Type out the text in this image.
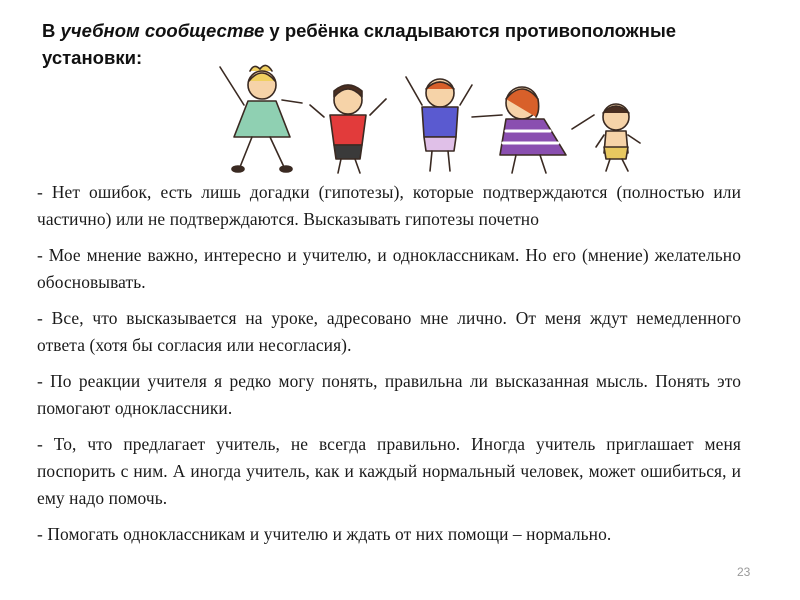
В учебном сообществе у ребёнка складываются противоположные установки:

- Нет ошибок, есть лишь догадки (гипотезы), которые подтверждаются (полностью или частично) или не подтверждаются. Высказывать гипотезы почетно

- Мое мнение важно, интересно и учителю, и одноклассникам. Но его (мнение) желательно обосновывать.

- Все, что высказывается на уроке, адресовано мне лично. От меня ждут немедленного ответа (хотя бы согласия или несогласия).

- По реакции учителя я редко могу понять, правильна ли высказанная мысль. Понять это помогают одноклассники.

- То, что предлагает учитель, не всегда правильно. Иногда учитель приглашает меня поспорить с ним. А иногда учитель, как и каждый нормальный человек, может ошибиться, и ему надо помочь.

- Помогать одноклассникам и учителю и ждать от них помощи – нормально.

23
